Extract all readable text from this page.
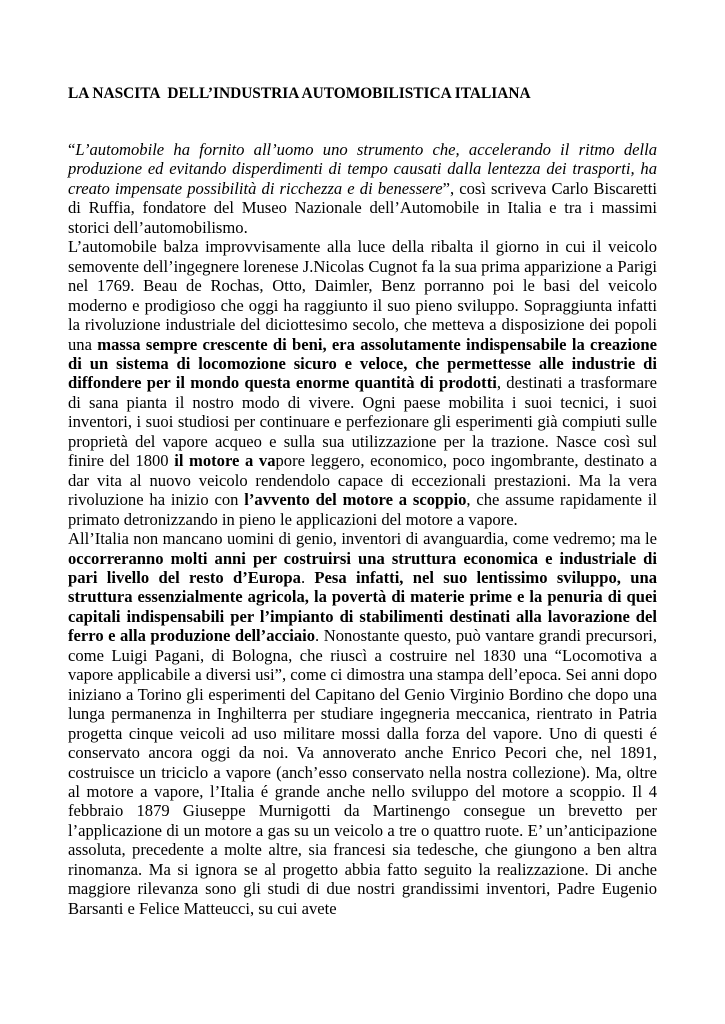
LA NASCITA  DELL’INDUSTRIA AUTOMOBILISTICA ITALIANA

“L’automobile ha fornito all’uomo uno strumento che, accelerando il ritmo della produzione ed evitando disperdimenti di tempo causati dalla lentezza dei trasporti, ha creato impensate possibilità di ricchezza e di benessere”, così scriveva Carlo Biscaretti di Ruffia, fondatore del Museo Nazionale dell’Automobile in Italia e tra i massimi storici dell’automobilismo.

L’automobile balza improvvisamente alla luce della ribalta il giorno in cui il veicolo semovente dell’ingegnere lorenese J.Nicolas Cugnot fa la sua prima apparizione a Parigi nel 1769. Beau de Rochas, Otto, Daimler, Benz porranno poi le basi del veicolo moderno e prodigioso che oggi ha raggiunto il suo pieno sviluppo. Sopraggiunta infatti la rivoluzione industriale del diciottesimo secolo, che metteva a disposizione dei popoli una massa sempre crescente di beni, era assolutamente indispensabile la creazione di un sistema di locomozione sicuro e veloce, che permettesse alle industrie di diffondere per il mondo questa enorme quantità di prodotti, destinati a trasformare di sana pianta il nostro modo di vivere. Ogni paese mobilita i suoi tecnici, i suoi inventori, i suoi studiosi per continuare e perfezionare gli esperimenti già compiuti sulle proprietà del vapore acqueo e sulla sua utilizzazione per la trazione. Nasce così sul finire del 1800 il motore a vapore leggero, economico, poco ingombrante, destinato a dar vita al nuovo veicolo rendendolo capace di eccezionali prestazioni. Ma la vera rivoluzione ha inizio con l’avvento del motore a scoppio, che assume rapidamente il primato detronizzando in pieno le applicazioni del motore a vapore.

All’Italia non mancano uomini di genio, inventori di avanguardia, come vedremo; ma le occorreranno molti anni per costruirsi una struttura economica e industriale di pari livello del resto d’Europa. Pesa infatti, nel suo lentissimo sviluppo, una struttura essenzialmente agricola, la povertà di materie prime e la penuria di quei capitali indispensabili per l’impianto di stabilimenti destinati alla lavorazione del ferro e alla produzione dell’acciaio. Nonostante questo, può vantare grandi precursori, come Luigi Pagani, di Bologna, che riuscì a costruire nel 1830 una “Locomotiva a vapore applicabile a diversi usi”, come ci dimostra una stampa dell’epoca. Sei anni dopo iniziano a Torino gli esperimenti del Capitano del Genio Virginio Bordino che dopo una lunga permanenza in Inghilterra per studiare ingegneria meccanica, rientrato in Patria progetta cinque veicoli ad uso militare mossi dalla forza del vapore. Uno di questi é conservato ancora oggi da noi. Va annoverato anche Enrico Pecori che, nel 1891, costruisce un triciclo a vapore (anch’esso conservato nella nostra collezione). Ma, oltre al motore a vapore, l’Italia é grande anche nello sviluppo del motore a scoppio. Il 4 febbraio 1879 Giuseppe Murnigotti da Martinengo consegue un brevetto per l’applicazione di un motore a gas su un veicolo a tre o quattro ruote. E’ un’anticipazione assoluta, precedente a molte altre, sia francesi sia tedesche, che giungono a ben altra rinomanza. Ma si ignora se al progetto abbia fatto seguito la realizzazione. Di anche maggiore rilevanza sono gli studi di due nostri grandissimi inventori, Padre Eugenio Barsanti e Felice Matteucci, su cui avete
